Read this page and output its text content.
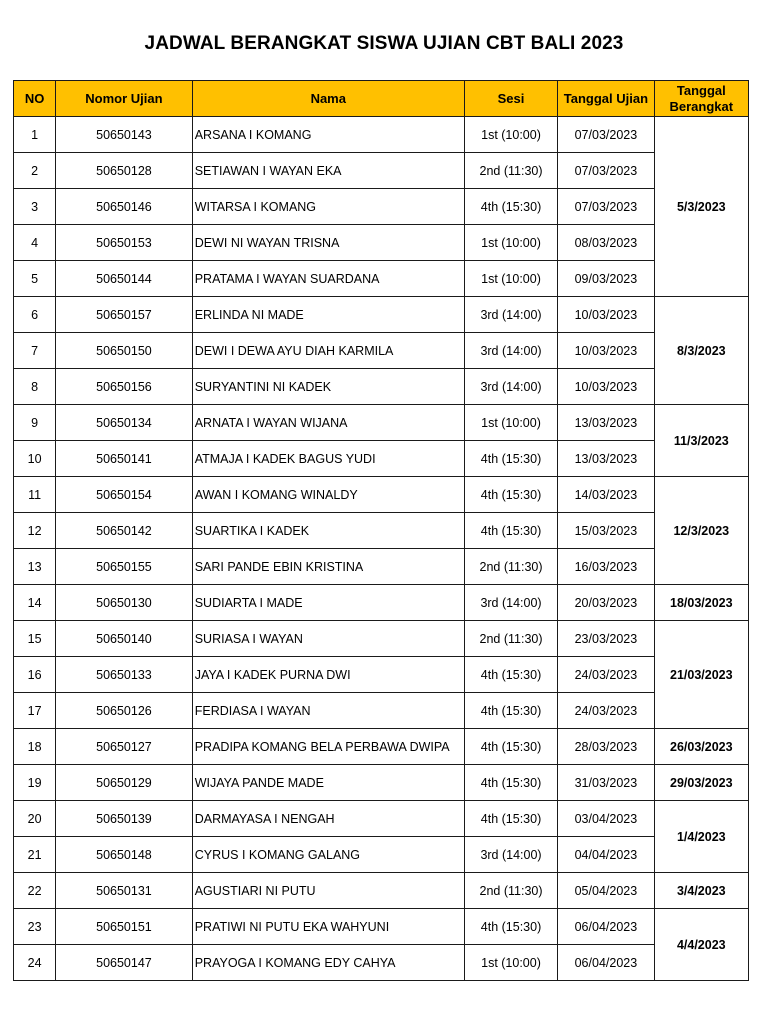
JADWAL BERANGKAT SISWA UJIAN CBT BALI 2023
NO	Nomor Ujian	Nama	Sesi	Tanggal Ujian	Tanggal Berangkat
1	50650143	ARSANA I KOMANG	1st (10:00)	07/03/2023	5/3/2023
2	50650128	SETIAWAN I WAYAN EKA	2nd (11:30)	07/03/2023	
3	50650146	WITARSA I KOMANG	4th (15:30)	07/03/2023	
4	50650153	DEWI NI WAYAN TRISNA	1st (10:00)	08/03/2023	
5	50650144	PRATAMA I WAYAN SUARDANA	1st (10:00)	09/03/2023	
6	50650157	ERLINDA NI MADE	3rd (14:00)	10/03/2023	8/3/2023
7	50650150	DEWI I DEWA AYU DIAH KARMILA	3rd (14:00)	10/03/2023	
8	50650156	SURYANTINI NI KADEK	3rd (14:00)	10/03/2023	
9	50650134	ARNATA I WAYAN WIJANA	1st (10:00)	13/03/2023	11/3/2023
10	50650141	ATMAJA I KADEK BAGUS YUDI	4th (15:30)	13/03/2023	
11	50650154	AWAN I KOMANG WINALDY	4th (15:30)	14/03/2023	12/3/2023
12	50650142	SUARTIKA I KADEK	4th (15:30)	15/03/2023	
13	50650155	SARI PANDE EBIN KRISTINA	2nd (11:30)	16/03/2023	
14	50650130	SUDIARTA I MADE	3rd (14:00)	20/03/2023	18/03/2023
15	50650140	SURIASA I WAYAN	2nd (11:30)	23/03/2023	21/03/2023
16	50650133	JAYA I KADEK PURNA DWI	4th (15:30)	24/03/2023	
17	50650126	FERDIASA I WAYAN	4th (15:30)	24/03/2023	
18	50650127	PRADIPA KOMANG BELA PERBAWA DWIPA	4th (15:30)	28/03/2023	26/03/2023
19	50650129	WIJAYA PANDE MADE	4th (15:30)	31/03/2023	29/03/2023
20	50650139	DARMAYASA I NENGAH	4th (15:30)	03/04/2023	1/4/2023
21	50650148	CYRUS I KOMANG GALANG	3rd (14:00)	04/04/2023	
22	50650131	AGUSTIARI NI PUTU	2nd (11:30)	05/04/2023	3/4/2023
23	50650151	PRATIWI NI PUTU EKA WAHYUNI	4th (15:30)	06/04/2023	4/4/2023
24	50650147	PRAYOGA I KOMANG EDY CAHYA	1st (10:00)	06/04/2023	
